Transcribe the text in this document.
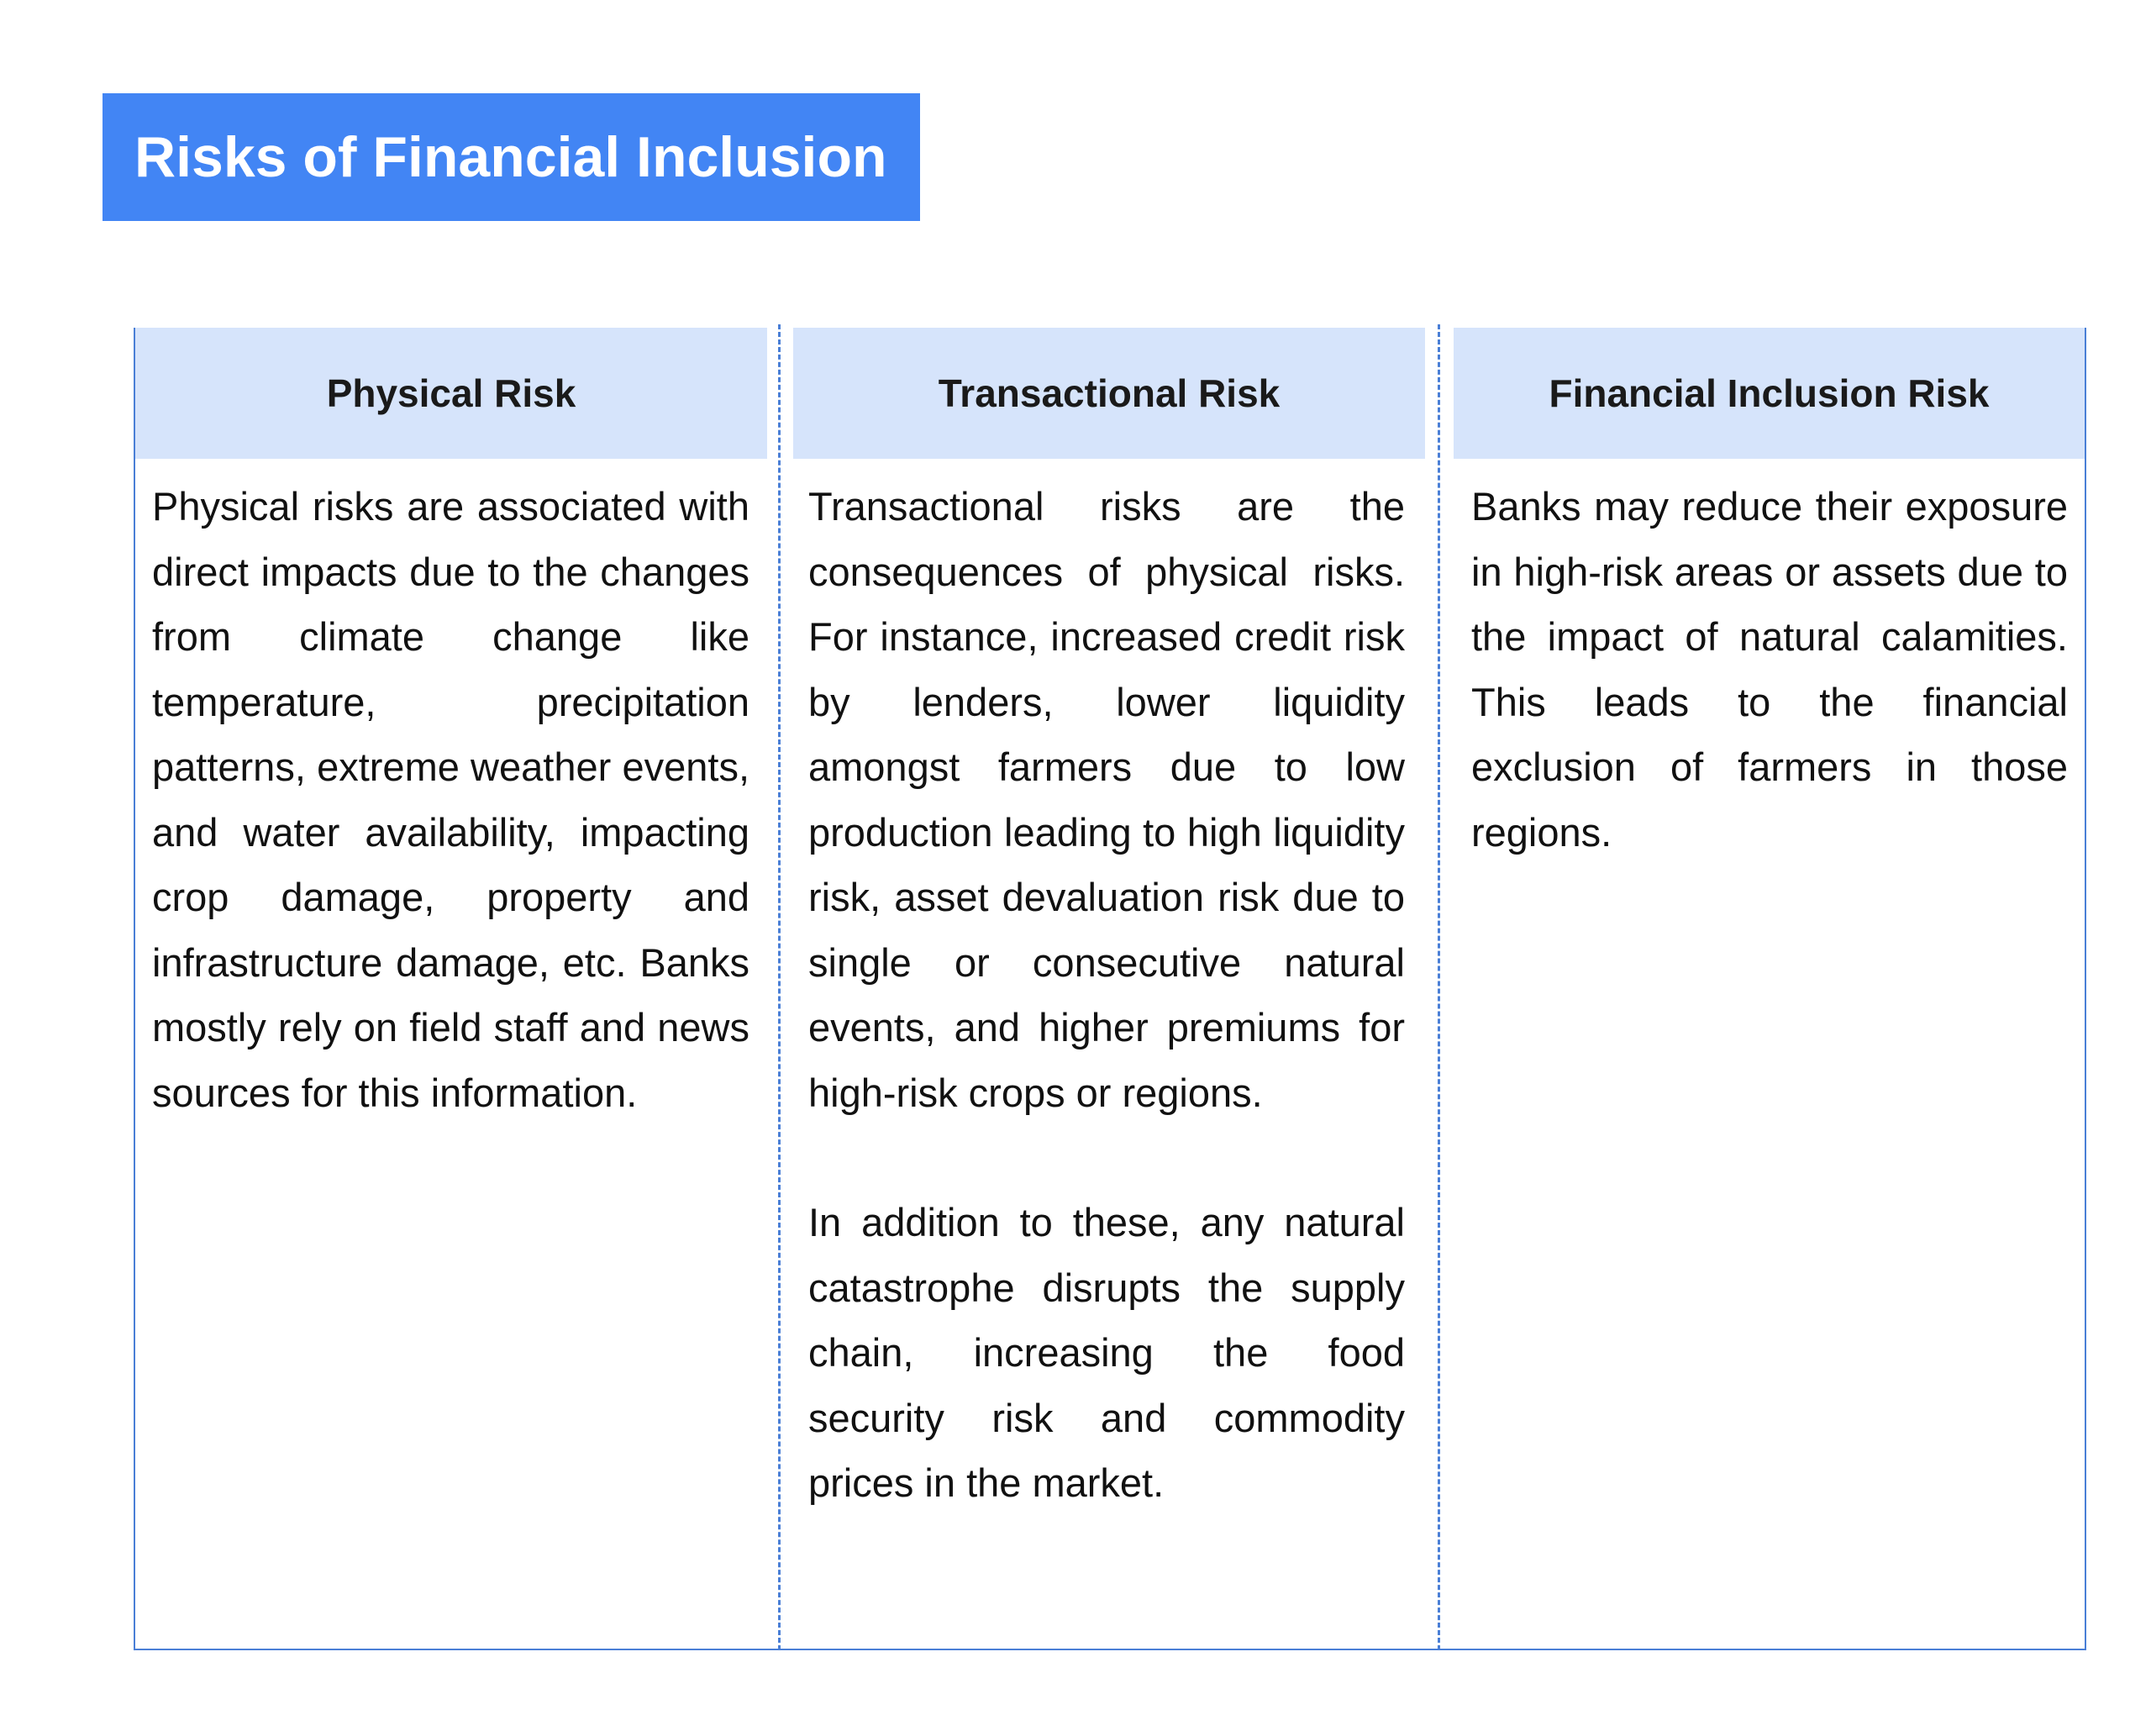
Risks of Financial Inclusion
Physical Risk	Transactional Risk	Financial Inclusion Risk

Physical risks are associated with direct impacts due to the changes from climate change like temperature, precipitation patterns, extreme weather events, and water availability, impacting crop damage, property and infrastructure damage, etc. Banks mostly rely on field staff and news sources for this information.

Transactional risks are the consequences of physical risks. For instance, increased credit risk by lenders, lower liquidity amongst farmers due to low production leading to high liquidity risk, asset devaluation risk due to single or consecutive natural events, and higher premiums for high-risk crops or regions.

In addition to these, any natural catastrophe disrupts the supply chain, increasing the food security risk and commodity prices in the market.

Banks may reduce their exposure in high-risk areas or assets due to the impact of natural calamities. This leads to the financial exclusion of farmers in those regions.
